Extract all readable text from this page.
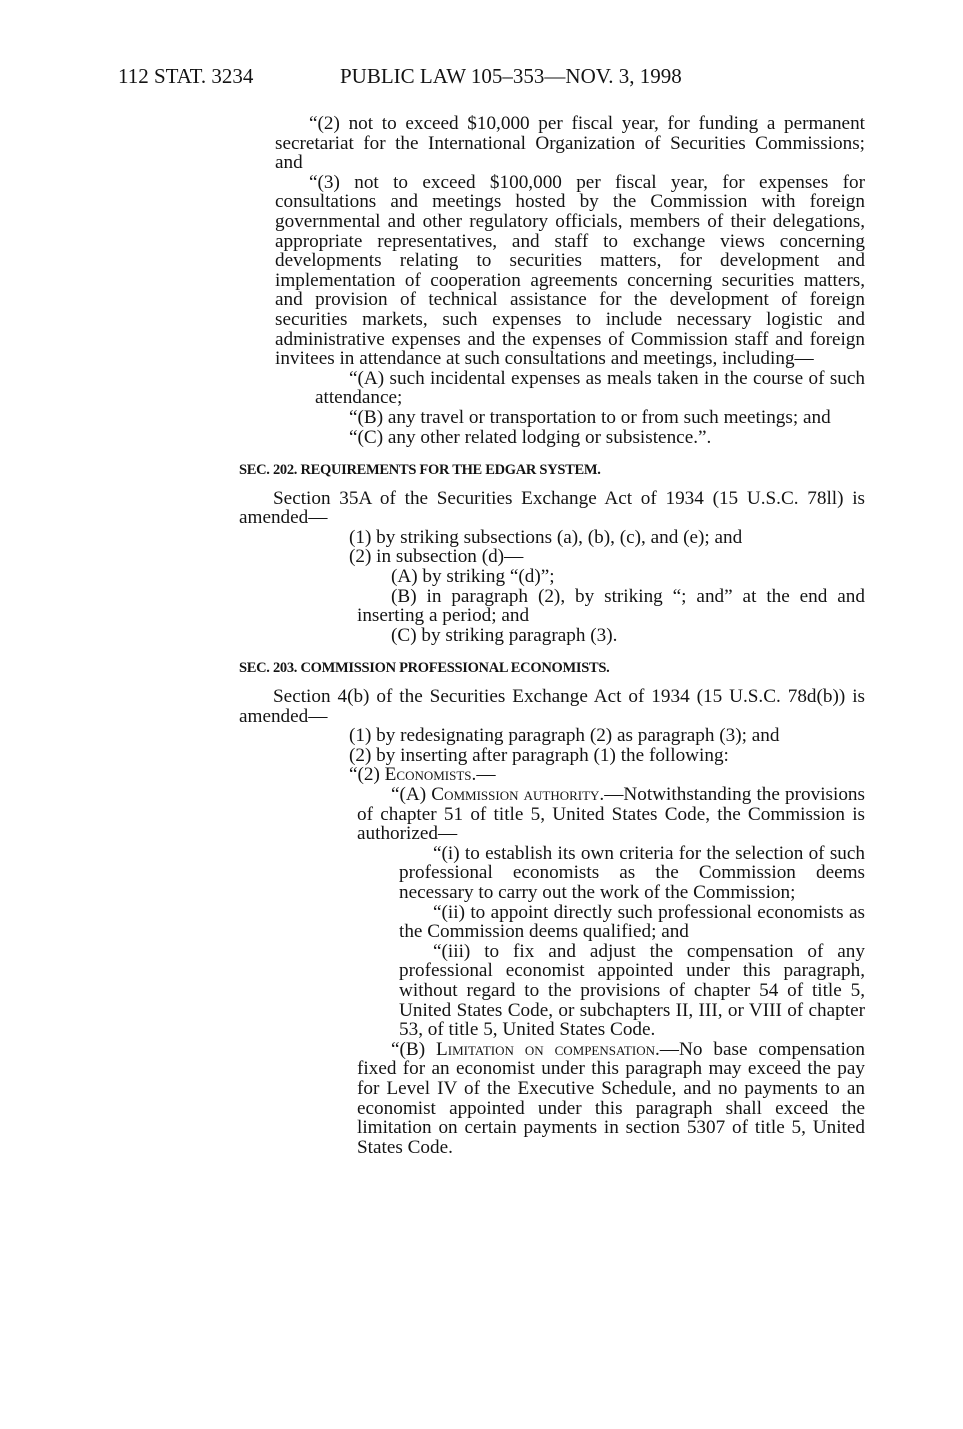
112 STAT. 3234	PUBLIC LAW 105–353—NOV. 3, 1998

“(2) not to exceed $10,000 per fiscal year, for funding a permanent secretariat for the International Organization of Securities Commissions; and

“(3) not to exceed $100,000 per fiscal year, for expenses for consultations and meetings hosted by the Commission with foreign governmental and other regulatory officials, members of their delegations, appropriate representatives, and staff to exchange views concerning developments relating to securities matters, for development and implementation of cooperation agreements concerning securities matters, and provision of technical assistance for the development of foreign securities markets, such expenses to include necessary logistic and administrative expenses and the expenses of Commission staff and foreign invitees in attendance at such consultations and meetings, including—

“(A) such incidental expenses as meals taken in the course of such attendance;

“(B) any travel or transportation to or from such meetings; and

“(C) any other related lodging or subsistence.”.

SEC. 202. REQUIREMENTS FOR THE EDGAR SYSTEM.

Section 35A of the Securities Exchange Act of 1934 (15 U.S.C. 78ll) is amended—

(1) by striking subsections (a), (b), (c), and (e); and

(2) in subsection (d)—

(A) by striking “(d)”;

(B) in paragraph (2), by striking “; and” at the end and inserting a period; and

(C) by striking paragraph (3).

SEC. 203. COMMISSION PROFESSIONAL ECONOMISTS.

Section 4(b) of the Securities Exchange Act of 1934 (15 U.S.C. 78d(b)) is amended—

(1) by redesignating paragraph (2) as paragraph (3); and

(2) by inserting after paragraph (1) the following:

“(2) Economists.—

“(A) Commission authority.—Notwithstanding the provisions of chapter 51 of title 5, United States Code, the Commission is authorized—

“(i) to establish its own criteria for the selection of such professional economists as the Commission deems necessary to carry out the work of the Commission;

“(ii) to appoint directly such professional economists as the Commission deems qualified; and

“(iii) to fix and adjust the compensation of any professional economist appointed under this paragraph, without regard to the provisions of chapter 54 of title 5, United States Code, or subchapters II, III, or VIII of chapter 53, of title 5, United States Code.

“(B) Limitation on compensation.—No base compensation fixed for an economist under this paragraph may exceed the pay for Level IV of the Executive Schedule, and no payments to an economist appointed under this paragraph shall exceed the limitation on certain payments in section 5307 of title 5, United States Code.
